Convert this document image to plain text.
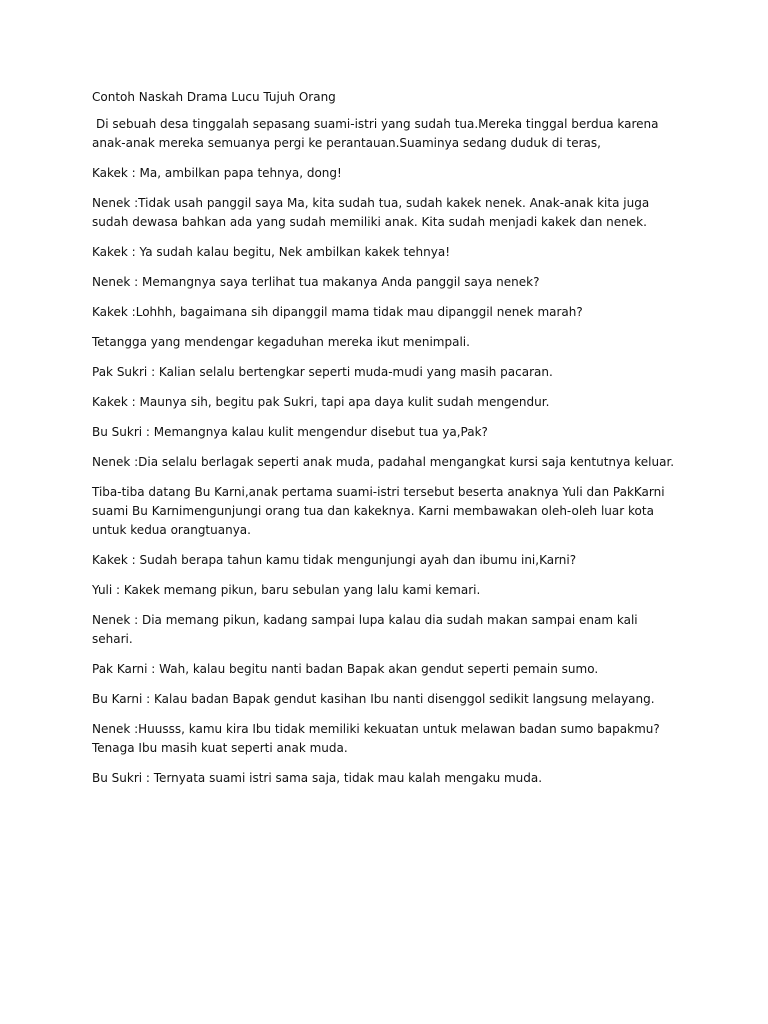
Contoh Naskah Drama Lucu Tujuh Orang

Di sebuah desa tinggalah sepasang suami-istri yang sudah tua.Mereka tinggal berdua karena anak-anak mereka semuanya pergi ke perantauan.Suaminya sedang duduk di teras,

Kakek : Ma, ambilkan papa tehnya, dong!

Nenek :Tidak usah panggil saya Ma, kita sudah tua, sudah kakek nenek. Anak-anak kita juga sudah dewasa bahkan ada yang sudah memiliki anak. Kita sudah menjadi kakek dan nenek.

Kakek : Ya sudah kalau begitu, Nek ambilkan kakek tehnya!

Nenek : Memangnya saya terlihat tua makanya Anda panggil saya nenek?

Kakek :Lohhh, bagaimana sih dipanggil mama tidak mau dipanggil nenek marah?

Tetangga yang mendengar kegaduhan mereka ikut menimpali.

Pak Sukri : Kalian selalu bertengkar seperti muda-mudi yang masih pacaran.

Kakek : Maunya sih, begitu pak Sukri, tapi apa daya kulit sudah mengendur.

Bu Sukri : Memangnya kalau kulit mengendur disebut tua ya,Pak?

Nenek :Dia selalu berlagak seperti anak muda, padahal mengangkat kursi saja kentutnya keluar.

Tiba-tiba datang Bu Karni,anak pertama suami-istri tersebut beserta anaknya Yuli dan PakKarni suami Bu Karnimengunjungi orang tua dan kakeknya. Karni membawakan oleh-oleh luar kota untuk kedua orangtuanya.

Kakek : Sudah berapa tahun kamu tidak mengunjungi ayah dan ibumu ini,Karni?

Yuli : Kakek memang pikun, baru sebulan yang lalu kami kemari.

Nenek : Dia memang pikun, kadang sampai lupa kalau dia sudah makan sampai enam kali sehari.

Pak Karni : Wah, kalau begitu nanti badan Bapak akan gendut seperti pemain sumo.

Bu Karni : Kalau badan Bapak gendut kasihan Ibu nanti disenggol sedikit langsung melayang.

Nenek :Huusss, kamu kira Ibu tidak memiliki kekuatan untuk melawan badan sumo bapakmu? Tenaga Ibu masih kuat seperti anak muda.

Bu Sukri : Ternyata suami istri sama saja, tidak mau kalah mengaku muda.
